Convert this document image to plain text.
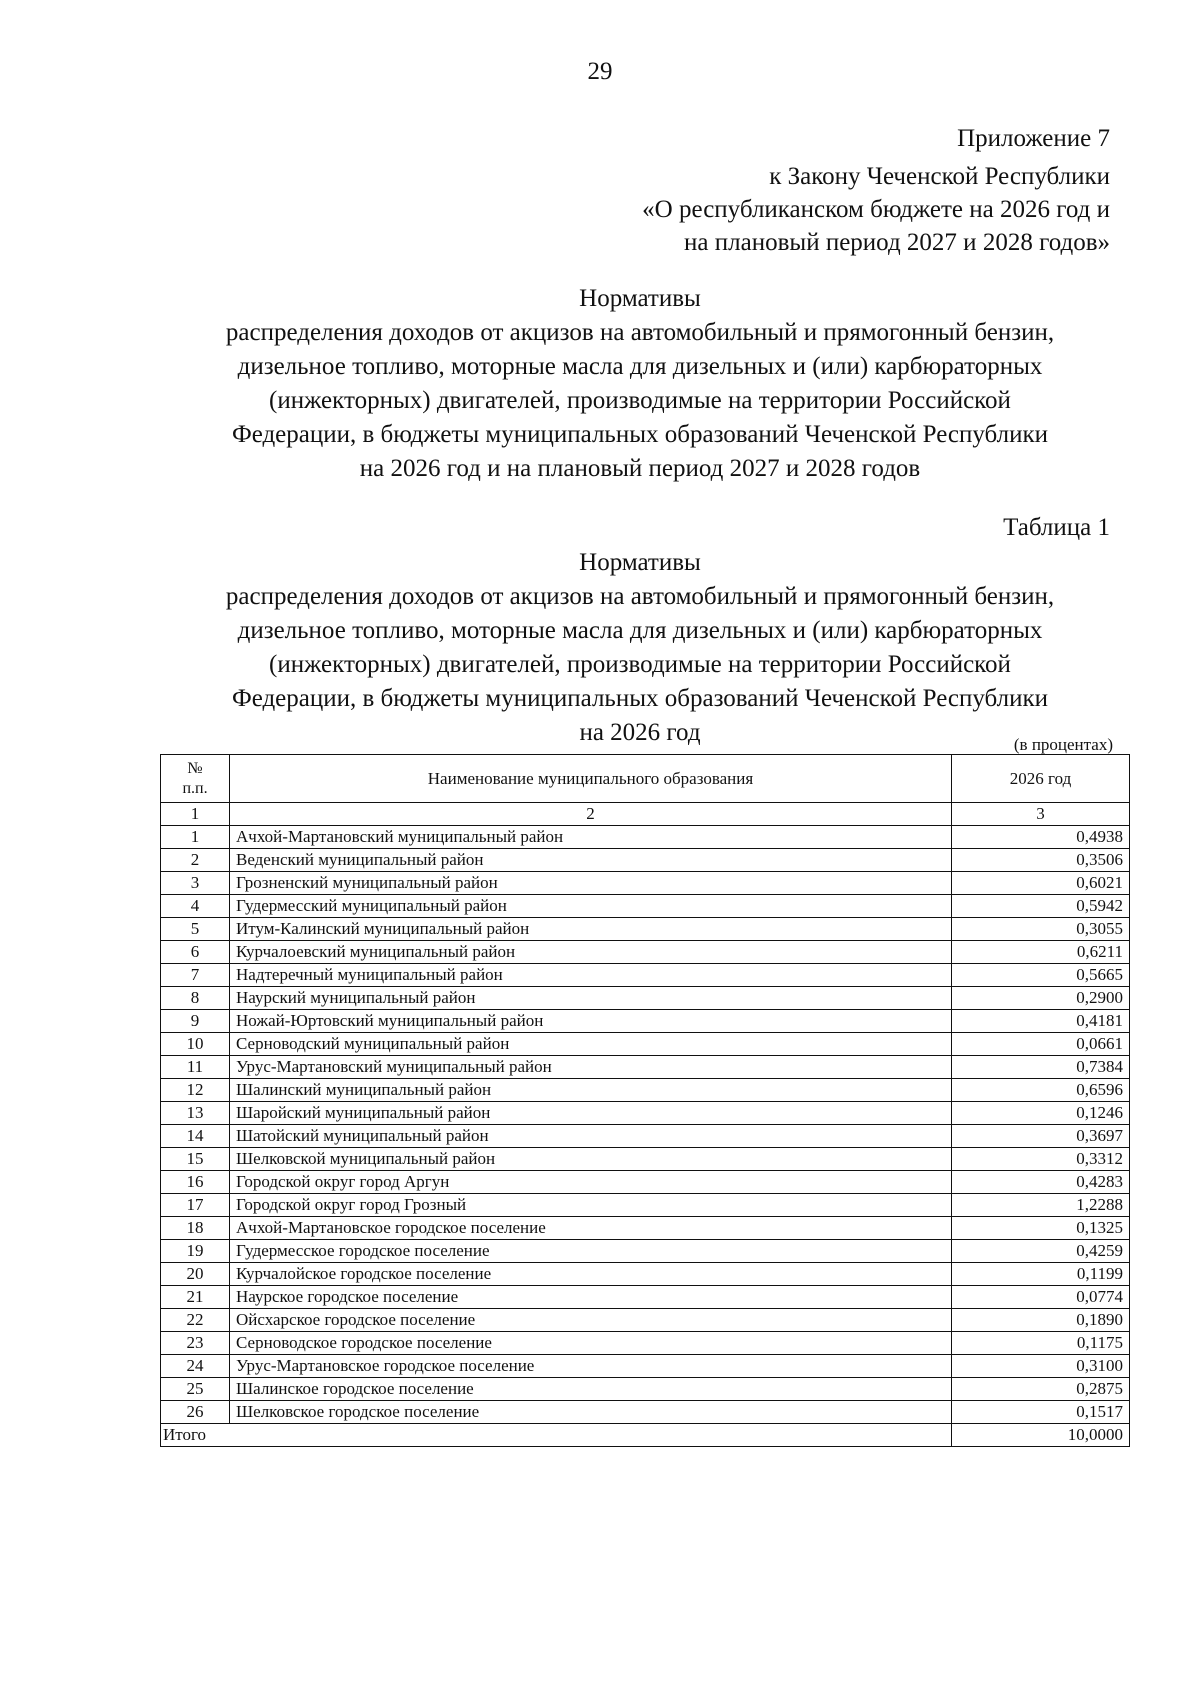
29
Приложение 7
к Закону Чеченской Республики
«О республиканском бюджете на 2026 год и
на плановый период 2027 и 2028 годов»
Нормативы
распределения доходов от акцизов на автомобильный и прямогонный бензин,
дизельное топливо, моторные масла для дизельных и (или) карбюраторных
(инжекторных) двигателей, производимые на территории Российской
Федерации, в бюджеты муниципальных образований Чеченской Республики
на 2026 год и на плановый период 2027 и 2028 годов
Таблица 1
Нормативы
распределения доходов от акцизов на автомобильный и прямогонный бензин,
дизельное топливо, моторные масла для дизельных и (или) карбюраторных
(инжекторных) двигателей, производимые на территории Российской
Федерации, в бюджеты муниципальных образований Чеченской Республики
на 2026 год	(в процентах)
№
п.п.	Наименование муниципального образования	2026 год
1	2	3
1	Ачхой-Мартановский муниципальный район	0,4938
2	Веденский муниципальный район	0,3506
3	Грозненский муниципальный район	0,6021
4	Гудермесский муниципальный район	0,5942
5	Итум-Калинский муниципальный район	0,3055
6	Курчалоевский муниципальный район	0,6211
7	Надтеречный муниципальный район	0,5665
8	Наурский муниципальный район	0,2900
9	Ножай-Юртовский муниципальный район	0,4181
10	Серноводский муниципальный район	0,0661
11	Урус-Мартановский муниципальный район	0,7384
12	Шалинский муниципальный район	0,6596
13	Шаройский муниципальный район	0,1246
14	Шатойский муниципальный район	0,3697
15	Шелковской муниципальный район	0,3312
16	Городской округ город Аргун	0,4283
17	Городской округ город Грозный	1,2288
18	Ачхой-Мартановское городское поселение	0,1325
19	Гудермесское городское поселение	0,4259
20	Курчалойское городское поселение	0,1199
21	Наурское городское поселение	0,0774
22	Ойсхарское городское поселение	0,1890
23	Серноводское городское поселение	0,1175
24	Урус-Мартановское городское поселение	0,3100
25	Шалинское городское поселение	0,2875
26	Шелковское городское поселение	0,1517
Итого		10,0000
